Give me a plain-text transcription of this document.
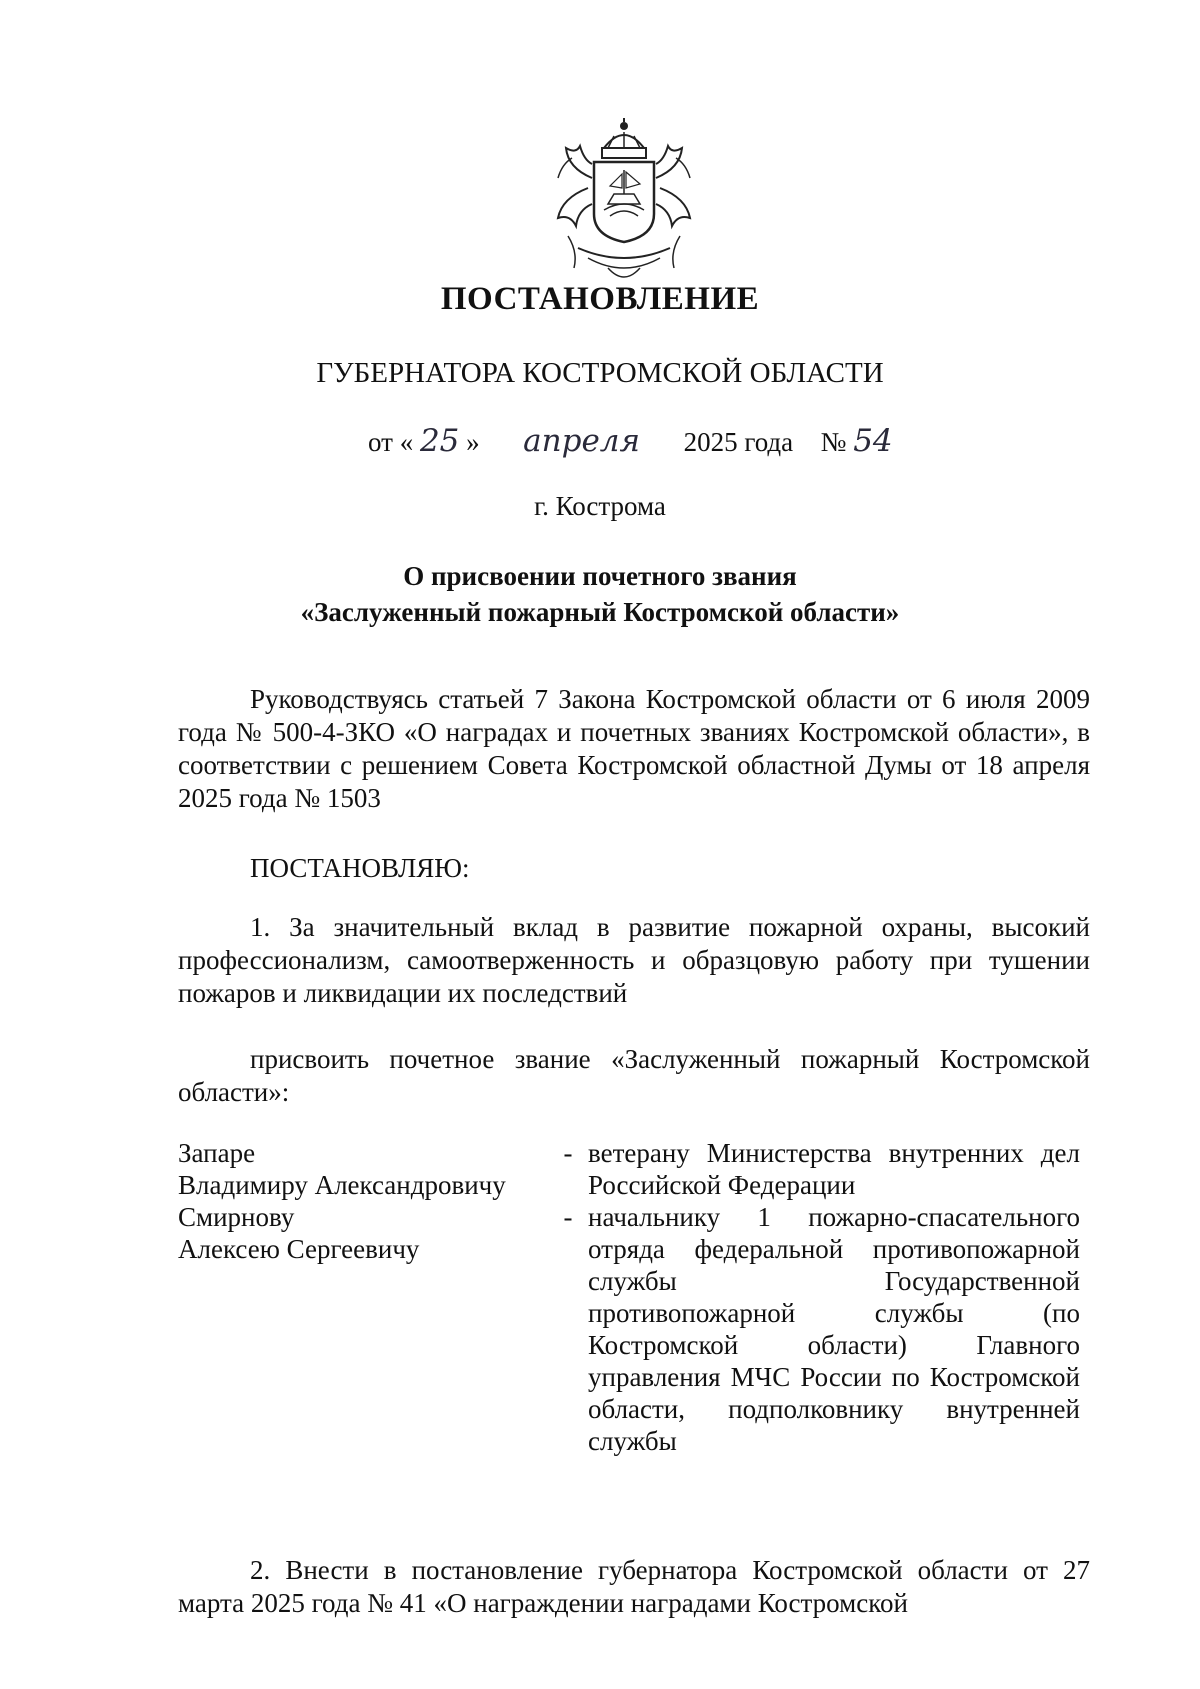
ПОСТАНОВЛЕНИЕ
ГУБЕРНАТОРА КОСТРОМСКОЙ ОБЛАСТИ
от « 25 » апреля 2025 года № 54
г. Кострома
О присвоении почетного звания
«Заслуженный пожарный Костромской области»
Руководствуясь статьей 7 Закона Костромской области от 6 июля 2009 года № 500-4-ЗКО «О наградах и почетных званиях Костромской области», в соответствии с решением Совета Костромской областной Думы от 18 апреля 2025 года № 1503
ПОСТАНОВЛЯЮ:
1. За значительный вклад в развитие пожарной охраны, высокий профессионализм, самоотверженность и образцовую работу при тушении пожаров и ликвидации их последствий
присвоить почетное звание «Заслуженный пожарный Костромской области»:
Запаре
Владимиру Александровичу
- ветерану Министерства внутренних дел Российской Федерации
Смирнову
Алексею Сергеевичу
- начальнику 1 пожарно-спасательного отряда федеральной противопожарной службы Государственной противопожарной службы (по Костромской области) Главного управления МЧС России по Костромской области, подполковнику внутренней службы
2. Внести в постановление губернатора Костромской области от 27 марта 2025 года № 41 «О награждении наградами Костромской
